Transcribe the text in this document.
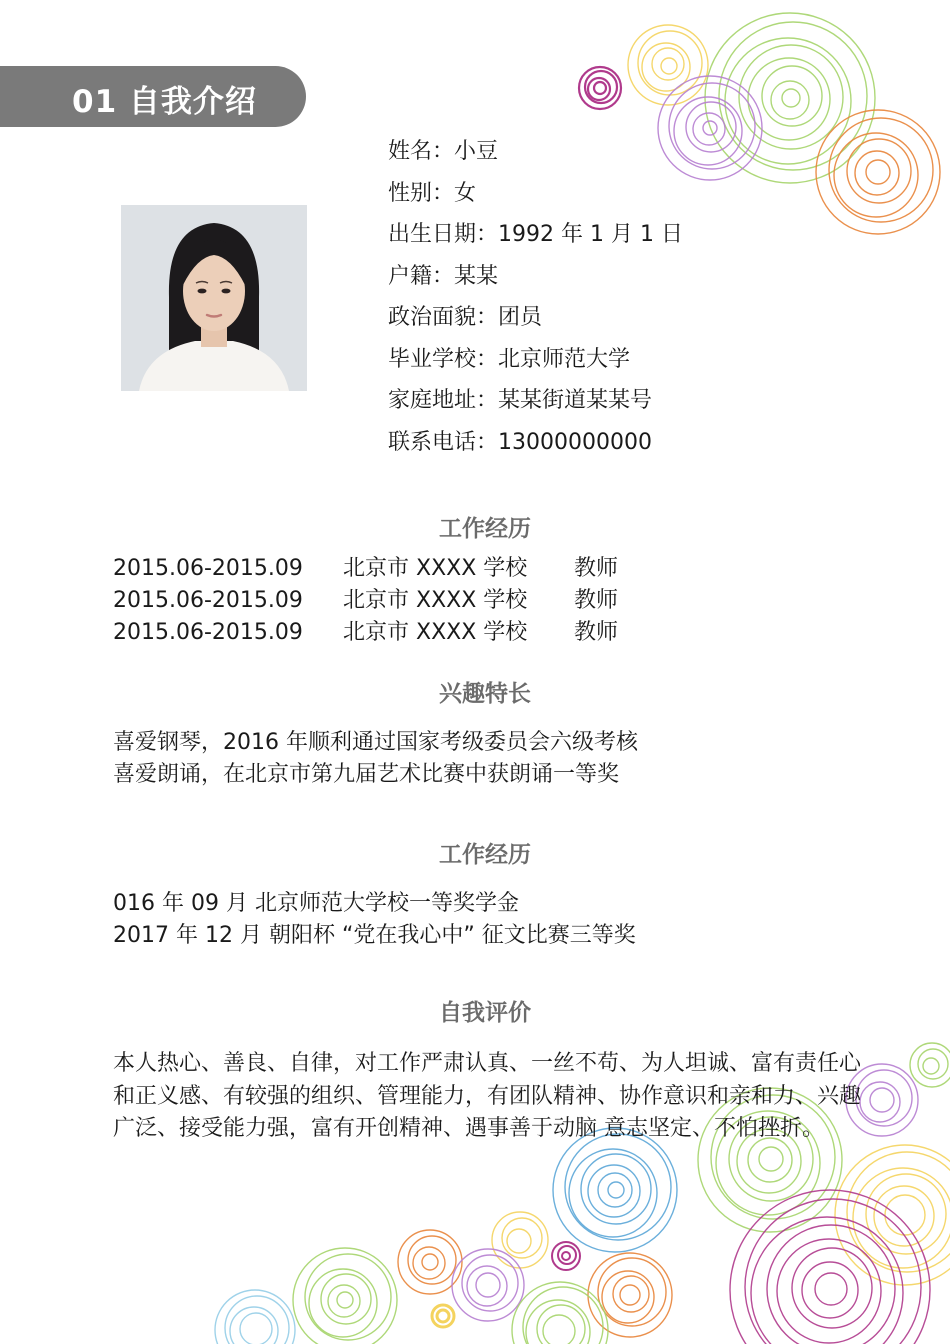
01 自我介绍
姓名：小豆
性别：女
出生日期：1992 年 1 月 1 日
户籍：某某
政治面貌：团员
毕业学校：北京师范大学
家庭地址：某某街道某某号
联系电话：13000000000
工作经历
2015.06-2015.09 北京市 XXXX 学校 教师
2015.06-2015.09 北京市 XXXX 学校 教师
2015.06-2015.09 北京市 XXXX 学校 教师
兴趣特长
喜爱钢琴，2016 年顺利通过国家考级委员会六级考核
喜爱朗诵，在北京市第九届艺术比赛中获朗诵一等奖
工作经历
016 年 09 月 北京师范大学校一等奖学金
2017 年 12 月 朝阳杯 “党在我心中” 征文比赛三等奖
自我评价
本人热心、善良、自律，对工作严肃认真、一丝不苟、为人坦诚、富有责任心和正义感、有较强的组织、管理能力，有团队精神、协作意识和亲和力、兴趣广泛、接受能力强，富有开创精神、遇事善于动脑 意志坚定、不怕挫折。
